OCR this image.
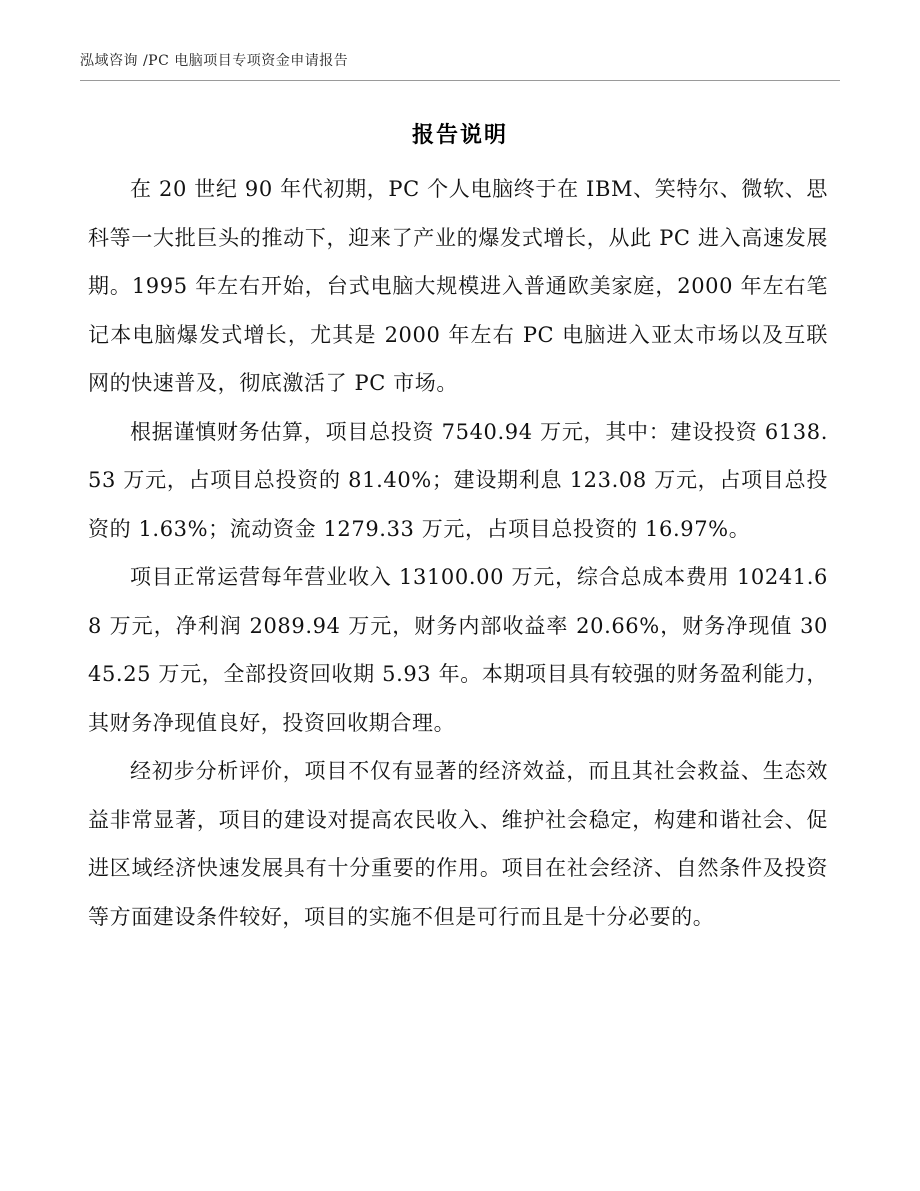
泓域咨询 /PC 电脑项目专项资金申请报告
报告说明

在 20 世纪 90 年代初期，PC 个人电脑终于在 IBM、笑特尔、微软、思科等一大批巨头的推动下，迎来了产业的爆发式增长，从此 PC 进入高速发展期。1995 年左右开始，台式电脑大规模进入普通欧美家庭，2000 年左右笔记本电脑爆发式增长，尤其是 2000 年左右 PC 电脑进入亚太市场以及互联网的快速普及，彻底激活了 PC 市场。

根据谨慎财务估算，项目总投资 7540.94 万元，其中：建设投资 6138.53 万元，占项目总投资的 81.40%；建设期利息 123.08 万元，占项目总投资的 1.63%；流动资金 1279.33 万元，占项目总投资的 16.97%。

项目正常运营每年营业收入 13100.00 万元，综合总成本费用 10241.68 万元，净利润 2089.94 万元，财务内部收益率 20.66%，财务净现值 3045.25 万元，全部投资回收期 5.93 年。本期项目具有较强的财务盈利能力，其财务净现值良好，投资回收期合理。

经初步分析评价，项目不仅有显著的经济效益，而且其社会救益、生态效益非常显著，项目的建设对提高农民收入、维护社会稳定，构建和谐社会、促进区域经济快速发展具有十分重要的作用。项目在社会经济、自然条件及投资等方面建设条件较好，项目的实施不但是可行而且是十分必要的。
